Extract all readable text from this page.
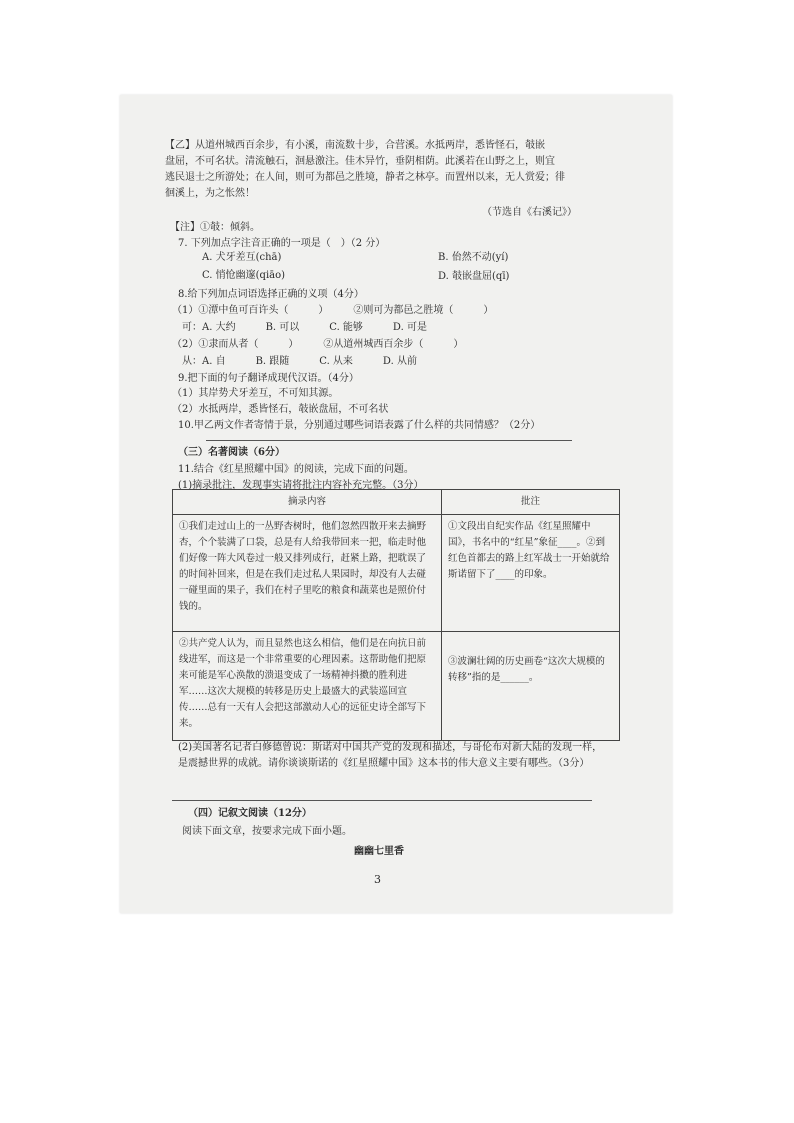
【乙】从道州城西百余步，有小溪，南流数十步，合营溪。水抵两岸，悉皆怪石，攲嵌
盘屈，不可名状。清流触石，洄悬激注。佳木异竹，垂阴相荫。此溪若在山野之上，则宜
逃民退士之所游处；在人间，则可为都邑之胜境，静者之林亭。而置州以来，无人赏爱；徘
徊溪上，为之怅然！
（节选自《右溪记》）
【注】①攲：倾斜。
7. 下列加点字注音正确的一项是（　）（2 分）
A. 犬牙差互(chā)	B. 佁然不动(yí)
C. 悄怆幽邃(qiāo)	D. 攲嵌盘屈(qī)
8.给下列加点词语选择正确的义项（4分）
（1）①潭中鱼可百许头（　　　）　　　②则可为都邑之胜境（　　　）
可：A. 大约　　　B. 可以　　　C. 能够　　　D. 可是
（2）①隶而从者（　　　）　　　②从道州城西百余步（　　　）
从：A. 自　　　B. 跟随　　　C. 从来　　　D. 从前
9.把下面的句子翻译成现代汉语。（4分）
（1）其岸势犬牙差互，不可知其源。
（2）水抵两岸，悉皆怪石，攲嵌盘屈，不可名状
10.甲乙两文作者寄情于景，分别通过哪些词语表露了什么样的共同情感？（2分）
（三）名著阅读（6分）
11.结合《红星照耀中国》的阅读，完成下面的问题。
(1)摘录批注，发现事实请将批注内容补充完整。（3分）
摘录内容	批注
①我们走过山上的一丛野杏树时，他们忽然四散开来去摘野杏，个个装满了口袋，总是有人给我带回来一把，临走时他们好像一阵大风卷过一般又排列成行，赶紧上路，把耽误了的时间补回来，但是在我们走过私人果园时，却没有人去碰一碰里面的果子，我们在村子里吃的粮食和蔬菜也是照价付钱的。	①文段出自纪实作品《红星照耀中国》，书名中的“红星”象征____。②到红色首都去的路上红军战士一开始就给斯诺留下了____的印象。
②共产党人认为，而且显然也这么相信，他们是在向抗日前线进军，而这是一个非常重要的心理因素。这帮助他们把原来可能是军心涣散的溃退变成了一场精神抖擞的胜利进军……这次大规模的转移是历史上最盛大的武装巡回宣传……总有一天有人会把这部激动人心的远征史诗全部写下来。	③波澜壮阔的历史画卷“这次大规模的转移”指的是______。
(2)美国著名记者白修德曾说：斯诺对中国共产党的发现和描述，与哥伦布对新大陆的发现一样，是震撼世界的成就。请你谈谈斯诺的《红星照耀中国》这本书的伟大意义主要有哪些。（3分）
（四）记叙文阅读（12分）
阅读下面文章，按要求完成下面小题。
幽幽七里香
3
